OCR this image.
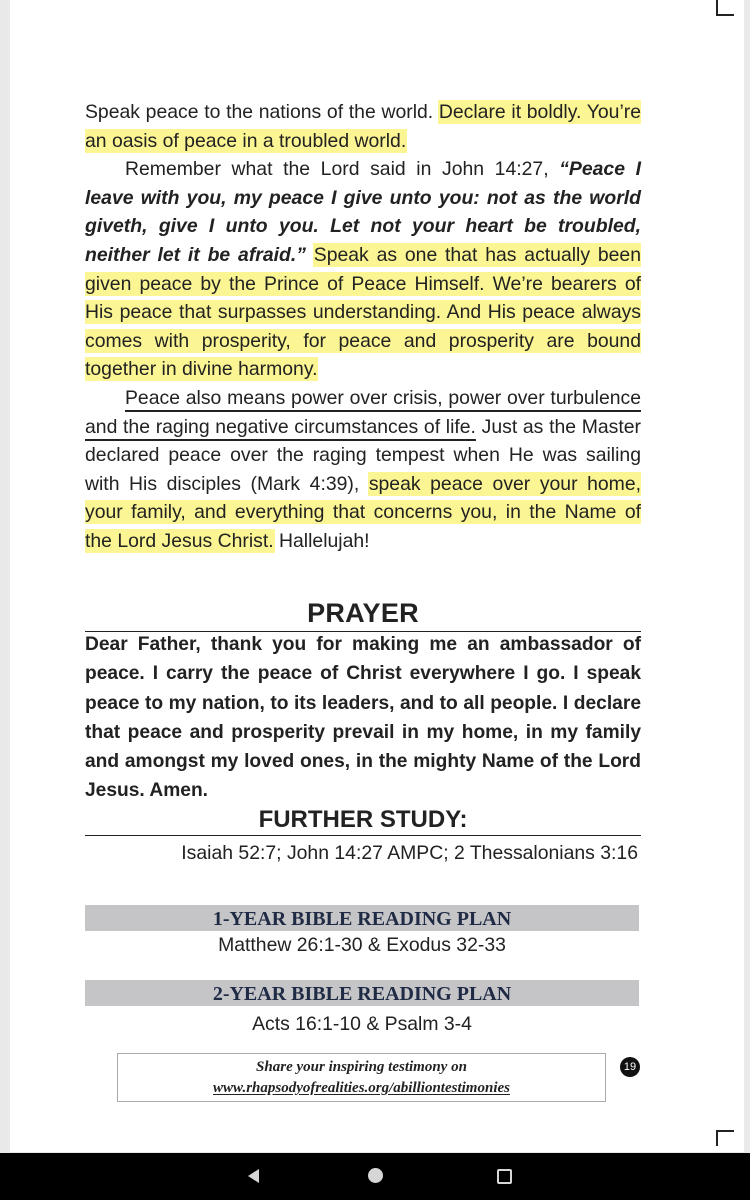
Speak peace to the nations of the world. Declare it boldly. You’re an oasis of peace in a troubled world.

Remember what the Lord said in John 14:27, “Peace I leave with you, my peace I give unto you: not as the world giveth, give I unto you. Let not your heart be troubled, neither let it be afraid.” Speak as one that has actually been given peace by the Prince of Peace Himself. We’re bearers of His peace that surpasses understanding. And His peace always comes with prosperity, for peace and prosperity are bound together in divine harmony.

Peace also means power over crisis, power over turbulence and the raging negative circumstances of life. Just as the Master declared peace over the raging tempest when He was sailing with His disciples (Mark 4:39), speak peace over your home, your family, and everything that concerns you, in the Name of the Lord Jesus Christ. Hallelujah!

PRAYER
Dear Father, thank you for making me an ambassador of peace. I carry the peace of Christ everywhere I go. I speak peace to my nation, to its leaders, and to all people. I declare that peace and prosperity prevail in my home, in my family and amongst my loved ones, in the mighty Name of the Lord Jesus. Amen.
FURTHER STUDY:
Isaiah 52:7; John 14:27 AMPC; 2 Thessalonians 3:16
1-YEAR BIBLE READING PLAN
Matthew 26:1-30 & Exodus 32-33
2-YEAR BIBLE READING PLAN
Acts 16:1-10 & Psalm 3-4
Share your inspiring testimony on
www.rhapsodyofrealities.org/abilliontestimonies
19
